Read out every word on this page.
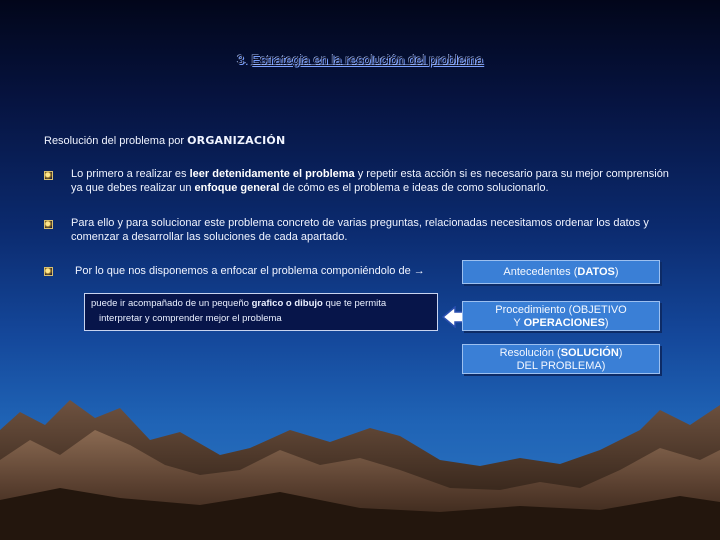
3. Estrategia en la resolución del problema
Resolución del problema por ORGANIZACIÓN
Lo primero a realizar es leer detenidamente el problema y repetir esta acción si es necesario para su mejor comprensión ya que debes realizar un enfoque general de cómo es el problema e ideas de como solucionarlo.
Para ello y para solucionar este problema concreto de varias preguntas, relacionadas necesitamos ordenar los datos y comenzar a desarrollar las soluciones de cada apartado.
Por lo que nos disponemos a enfocar el problema componiéndolo de →
puede ir acompañado de un pequeño grafico o dibujo que te permita
interpretar y comprender mejor el problema
Antecedentes (DATOS)
Procedimiento (OBJETIVO
Y OPERACIONES)
Resolución (SOLUCIÓN)
DEL PROBLEMA)
